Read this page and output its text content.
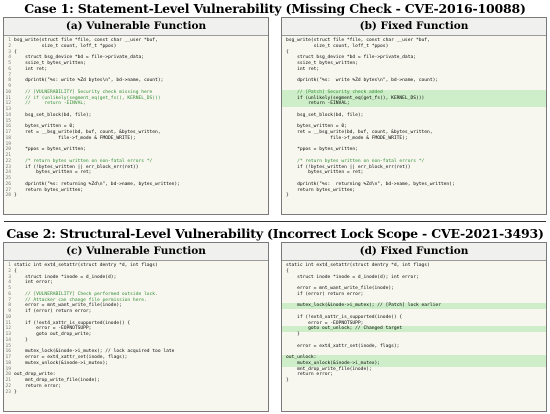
Case 1: Statement-Level Vulnerability (Missing Check - CVE-2016-10088)
(a) Vulnerable Function
1 bsg_write(struct file *file, const char __user *buf,
2          size_t count, loff_t *ppos)
3 {
4    struct bsg_device *bd = file->private_data;
5    ssize_t bytes_written;
6    int ret;
7
8    dprintk("%s: write %Zd bytes\n", bd->name, count);
9
10    // [VULNERABILITY] Security check missing here
11    // if (unlikely(segment_eq(get_fs(), KERNEL_DS)))
12    //     return -EINVAL;
13
14    bsg_set_block(bd, file);
15
16    bytes_written = 0;
17    ret = __bsg_write(bd, buf, count, &bytes_written,
18                file->f_mode & FMODE_WRITE);
19
20    *ppos = bytes_written;
21
22    /* return bytes written on non-fatal errors */
23    if (!bytes_written || err_block_err(ret))
24        bytes_written = ret;
25
26    dprintk("%s: returning %Zd\n", bd->name, bytes_written);
27    return bytes_written;
28 }
(b) Fixed Function
bsg_write(struct file *file, const char __user *buf,
size_t count, loff_t *ppos)
{
struct bsg_device *bd = file->private_data;
ssize_t bytes_written;
int ret;
dprintk("%s:  write %Zd bytes\n", bd->name, count);
// [Patch] Security check added
if (unlikely(segment_eq(get_fs(), KERNEL_DS)))
return -EINVAL;
bsg_set_block(bd, file);
bytes_written = 0;
ret = __bsg_write(bd, buf, count, &bytes_written,
file->f_mode & FMODE_WRITE);
*ppos = bytes_written;
/* return bytes written on non-fatal errors */
if (!bytes_written || err_block_err(ret))
bytes_written = ret;
dprintk("%s:  returning %Zd\n", bd->name, bytes_written);
return bytes_written;
}
Case 2: Structural-Level Vulnerability (Incorrect Lock Scope - CVE-2021-3493)
(c) Vulnerable Function
1 static int ext4_setattr(struct dentry *d, int flags)
2 {
3    struct inode *inode = d_inode(d);
4    int error;
5
6    // [VULNERABILITY] Check performed outside lock.
7    // Attacker can change file permission here.
8    error = mnt_want_write_file(inode);
9    if (error) return error;
10
11    if (!ext4_xattr_is_supported(inode)) {
12        error = -EOPNOTSUPP;
13        goto out_drop_write;
14    }
15
16    mutex_lock(&inode->i_mutex); // lock acquired too late
17    error = ext4_xattr_set(inode, flags);
18    mutex_unlock(&inode->i_mutex);
19
20 out_drop_write:
21    mnt_drop_write_file(inode);
22    return error;
23 }
(d) Fixed Function
static int ext4_setattr(struct dentry *d, int flags)
{
struct inode *inode = d_inode(d); int error;
error = mnt_want_write_file(inode);
if (error) return error;
mutex_lock(&inode->i_mutex); // [Patch] lock earlier
if (!ext4_xattr_is_supported(inode)) {
error = -EOPNOTSUPP;
goto out_unlock; // Changed target
}
error = ext4_xattr_set(inode, flags);
out_unlock:
mutex_unlock(&inode->i_mutex);
mnt_drop_write_file(inode);
return error;
}
